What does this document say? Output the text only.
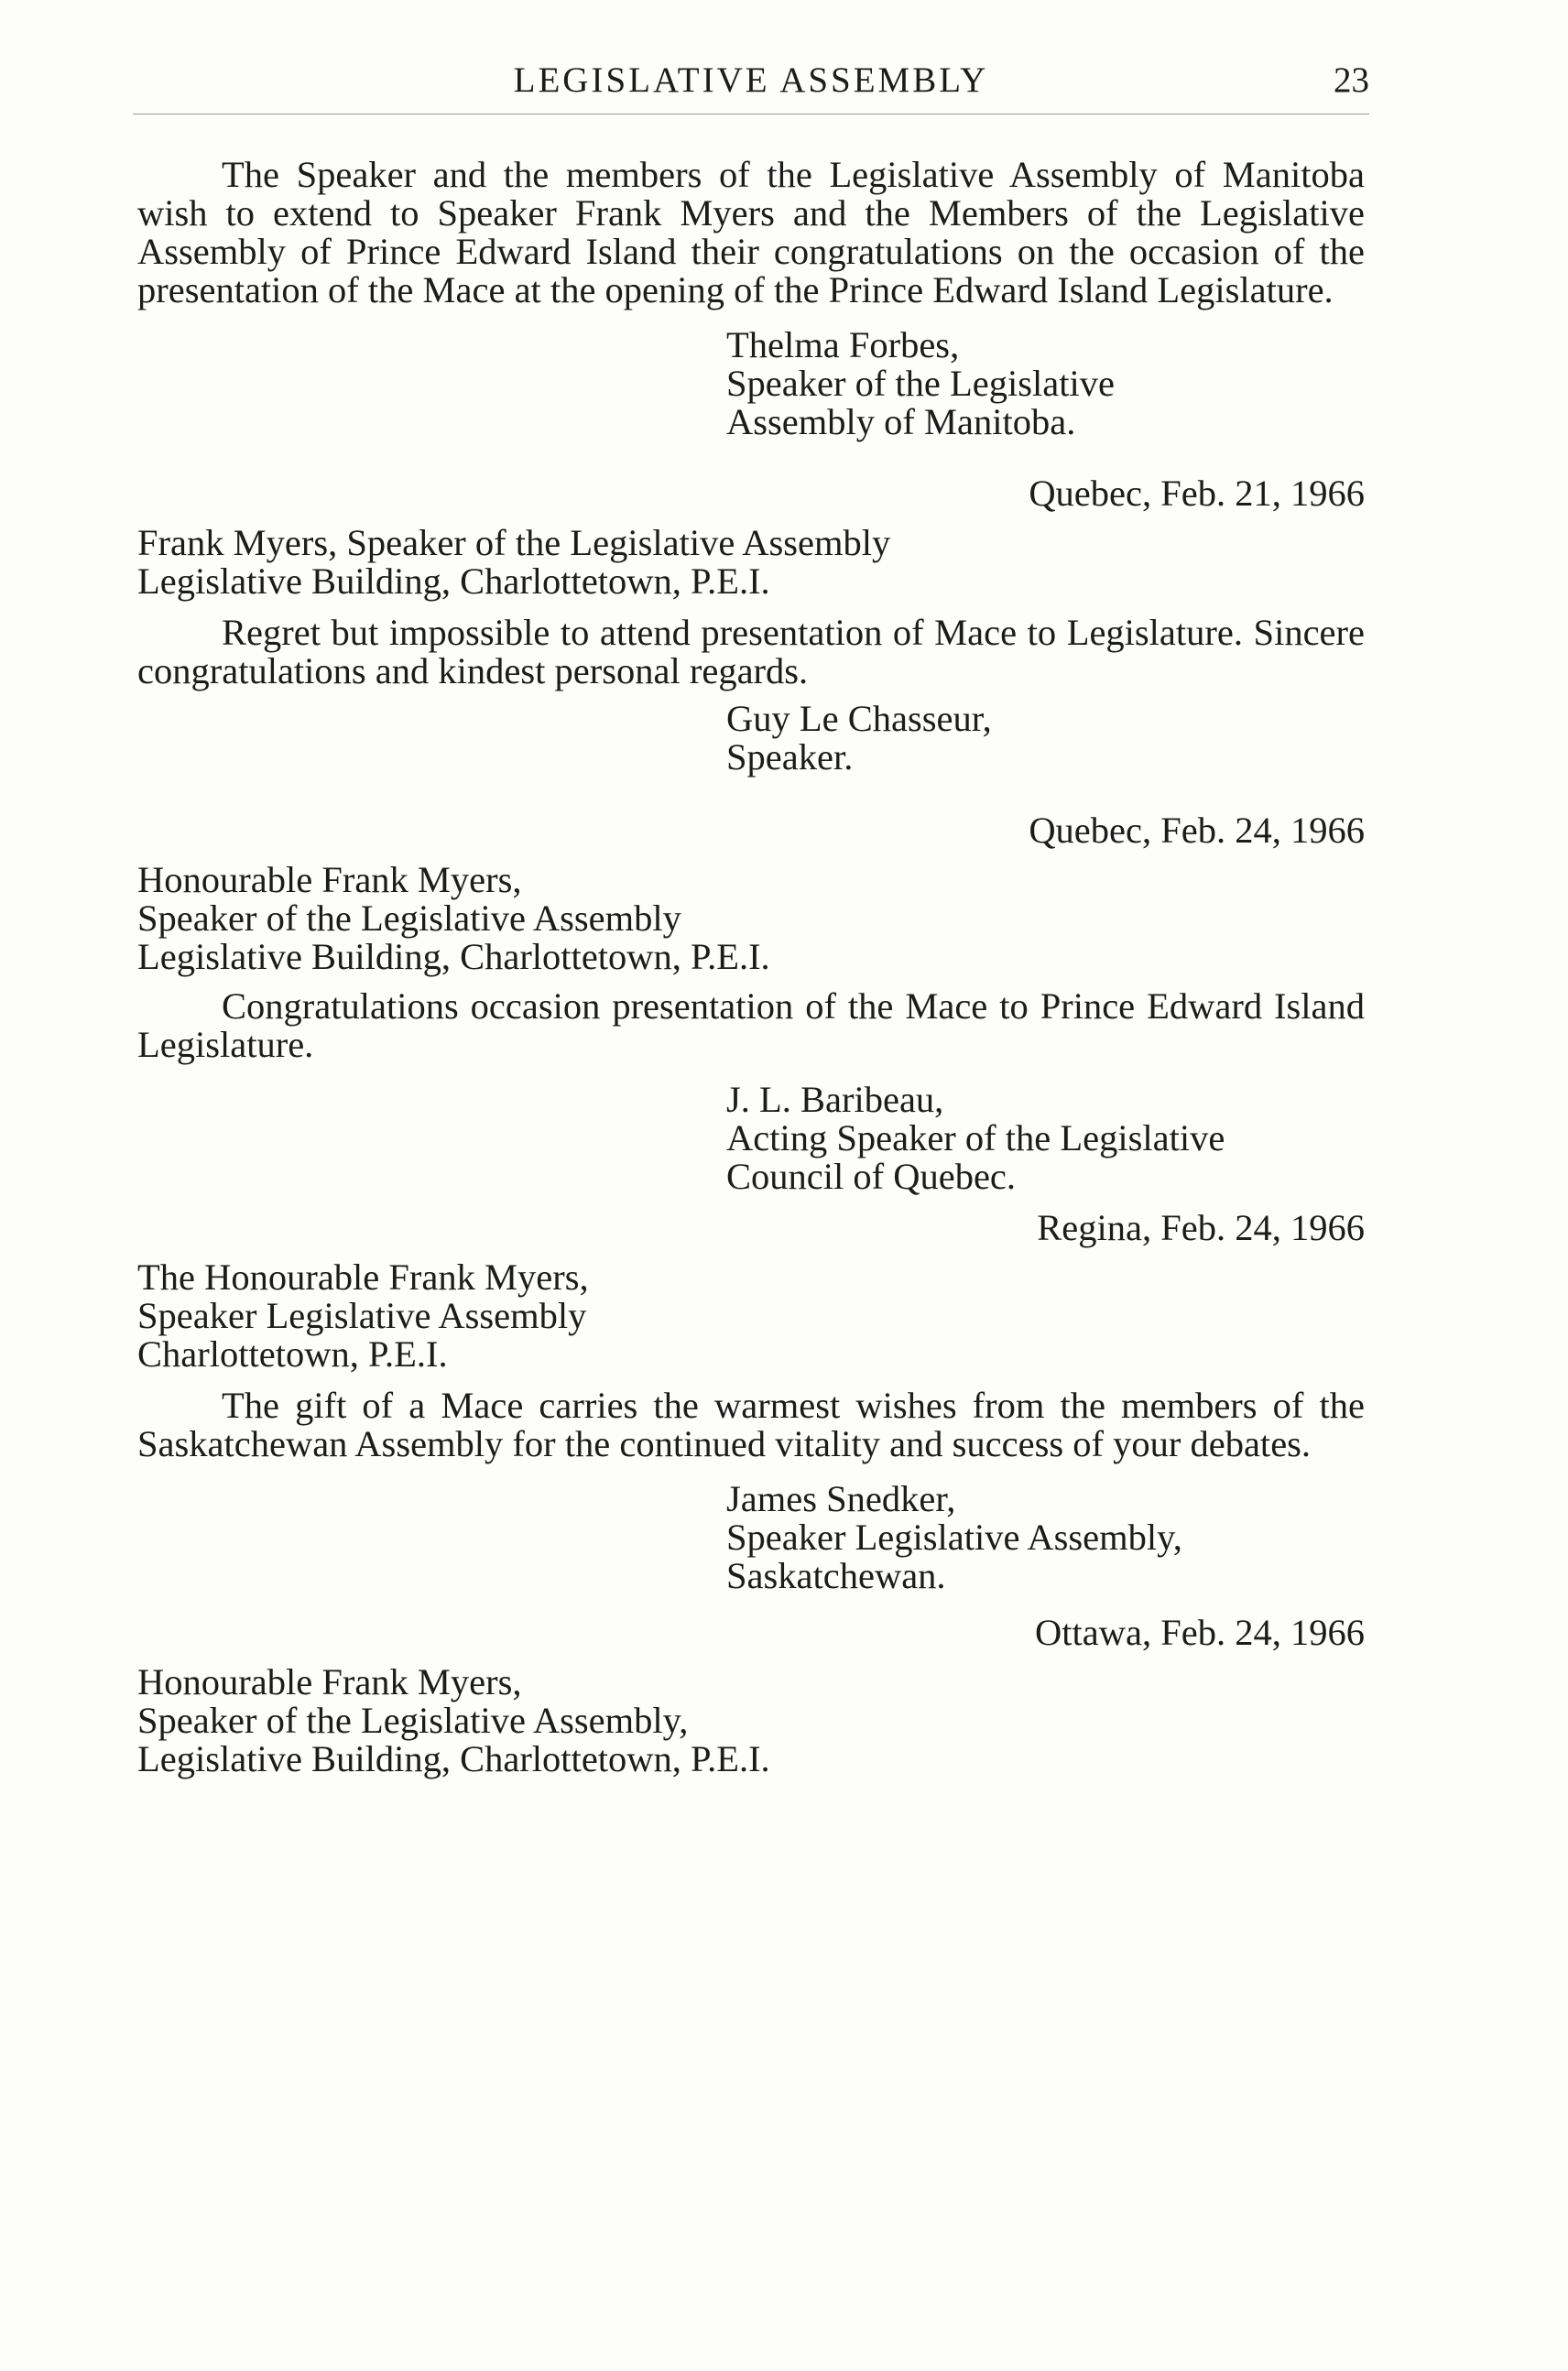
LEGISLATIVE ASSEMBLY	23

The Speaker and the members of the Legislative Assembly of Manitoba wish to extend to Speaker Frank Myers and the Members of the Legislative Assembly of Prince Edward Island their congratulations on the occasion of the presentation of the Mace at the opening of the Prince Edward Island Legislature.

Thelma Forbes,
Speaker of the Legislative
Assembly of Manitoba.

Quebec, Feb. 21, 1966

Frank Myers, Speaker of the Legislative Assembly
Legislative Building, Charlottetown, P.E.I.

Regret but impossible to attend presentation of Mace to Legislature. Sincere congratulations and kindest personal regards.

Guy Le Chasseur,
Speaker.

Quebec, Feb. 24, 1966

Honourable Frank Myers,
Speaker of the Legislative Assembly
Legislative Building, Charlottetown, P.E.I.

Congratulations occasion presentation of the Mace to Prince Edward Island Legislature.

J. L. Baribeau,
Acting Speaker of the Legislative
Council of Quebec.

Regina, Feb. 24, 1966

The Honourable Frank Myers,
Speaker Legislative Assembly
Charlottetown, P.E.I.

The gift of a Mace carries the warmest wishes from the members of the Saskatchewan Assembly for the continued vitality and success of your debates.

James Snedker,
Speaker Legislative Assembly,
Saskatchewan.

Ottawa, Feb. 24, 1966

Honourable Frank Myers,
Speaker of the Legislative Assembly,
Legislative Building, Charlottetown, P.E.I.
